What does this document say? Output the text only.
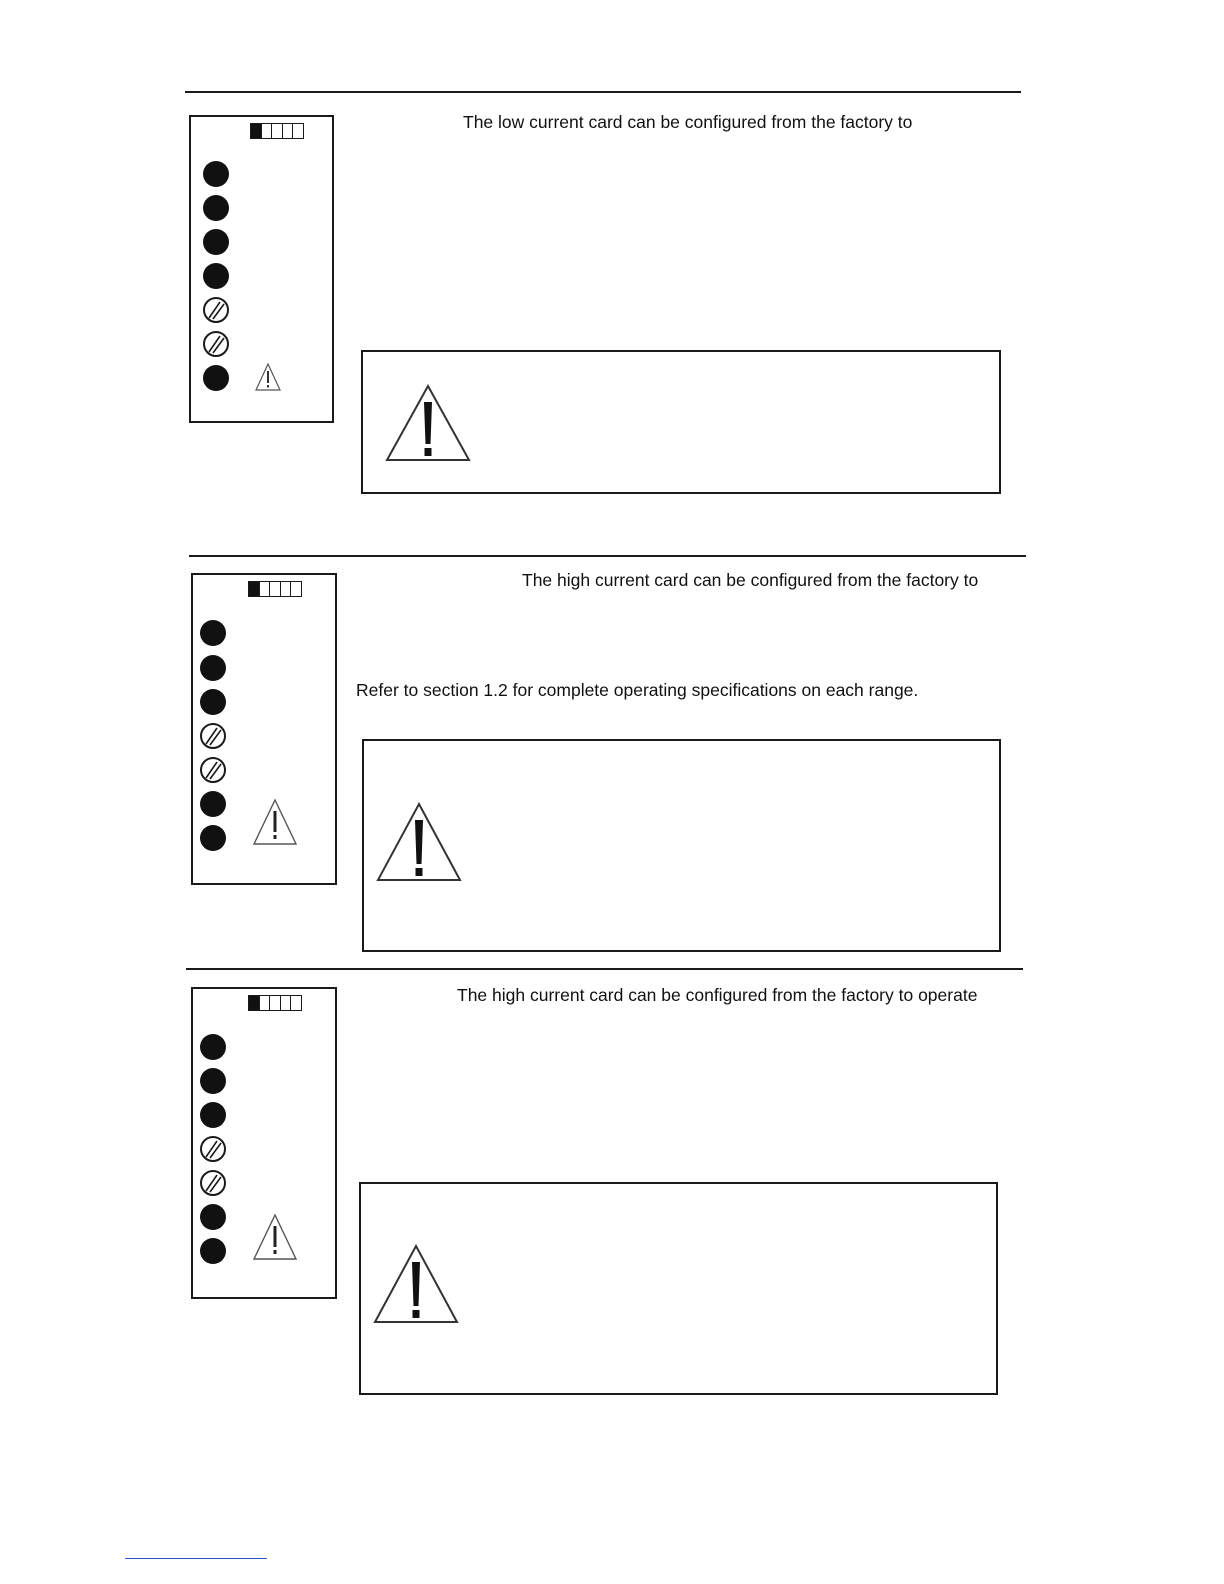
The low current card can be configured from the factory to

The high current card can be configured from the factory to

Refer to section 1.2 for complete operating specifications on each range.

The high current card can be configured from the factory to operate
